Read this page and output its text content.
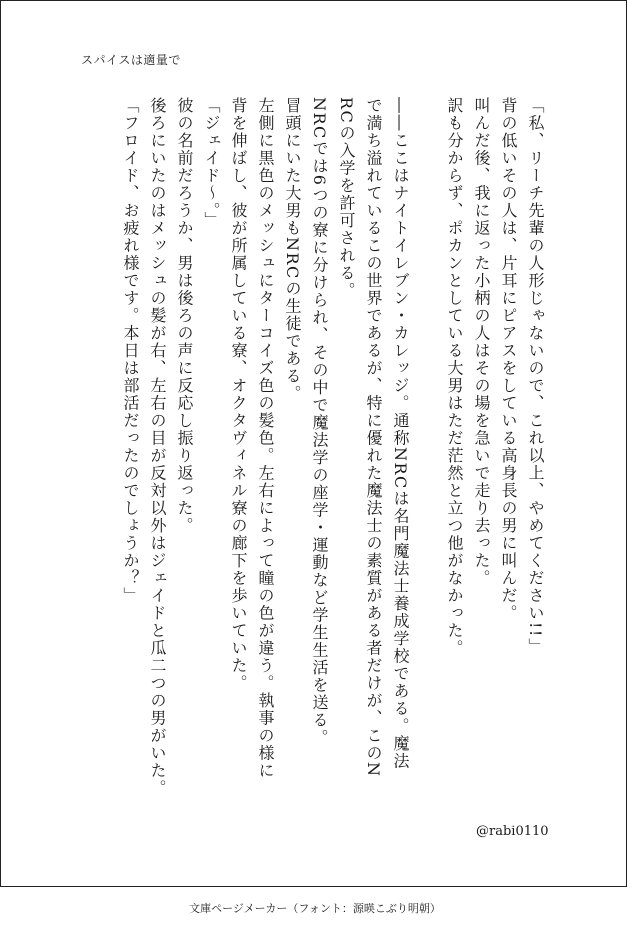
スパイスは適量で
「私、リーチ先輩の人形じゃないので、これ以上、やめてください!!」
背の低いその人は、片耳にピアスをしている高身長の男に叫んだ。
叫んだ後、我に返った小柄の人はその場を急いで走り去った。
訳も分からず、ポカンとしている大男はただ茫然と立つ他がなかった。
――ここはナイトイレブン・カレッジ。通称NRCは名門魔法士養成学校である。魔法
で満ち溢れているこの世界であるが、特に優れた魔法士の素質がある者だけが、このN
RCの入学を許可される。
NRCでは6つの寮に分けられ、その中で魔法学の座学・運動など学生生活を送る。
冒頭にいた大男もNRCの生徒である。
左側に黒色のメッシュにターコイズ色の髪色。左右によって瞳の色が違う。執事の様に
背を伸ばし、彼が所属している寮、オクタヴィネル寮の廊下を歩いていた。
「ジェイド〜。」
彼の名前だろうか、男は後ろの声に反応し振り返った。
後ろにいたのはメッシュの髪が右、左右の目が反対以外はジェイドと瓜二つの男がいた。
「フロイド、お疲れ様です。本日は部活だったのでしょうか？」
@rabi0110
文庫ページメーカー（フォント：源暎こぶり明朝）
